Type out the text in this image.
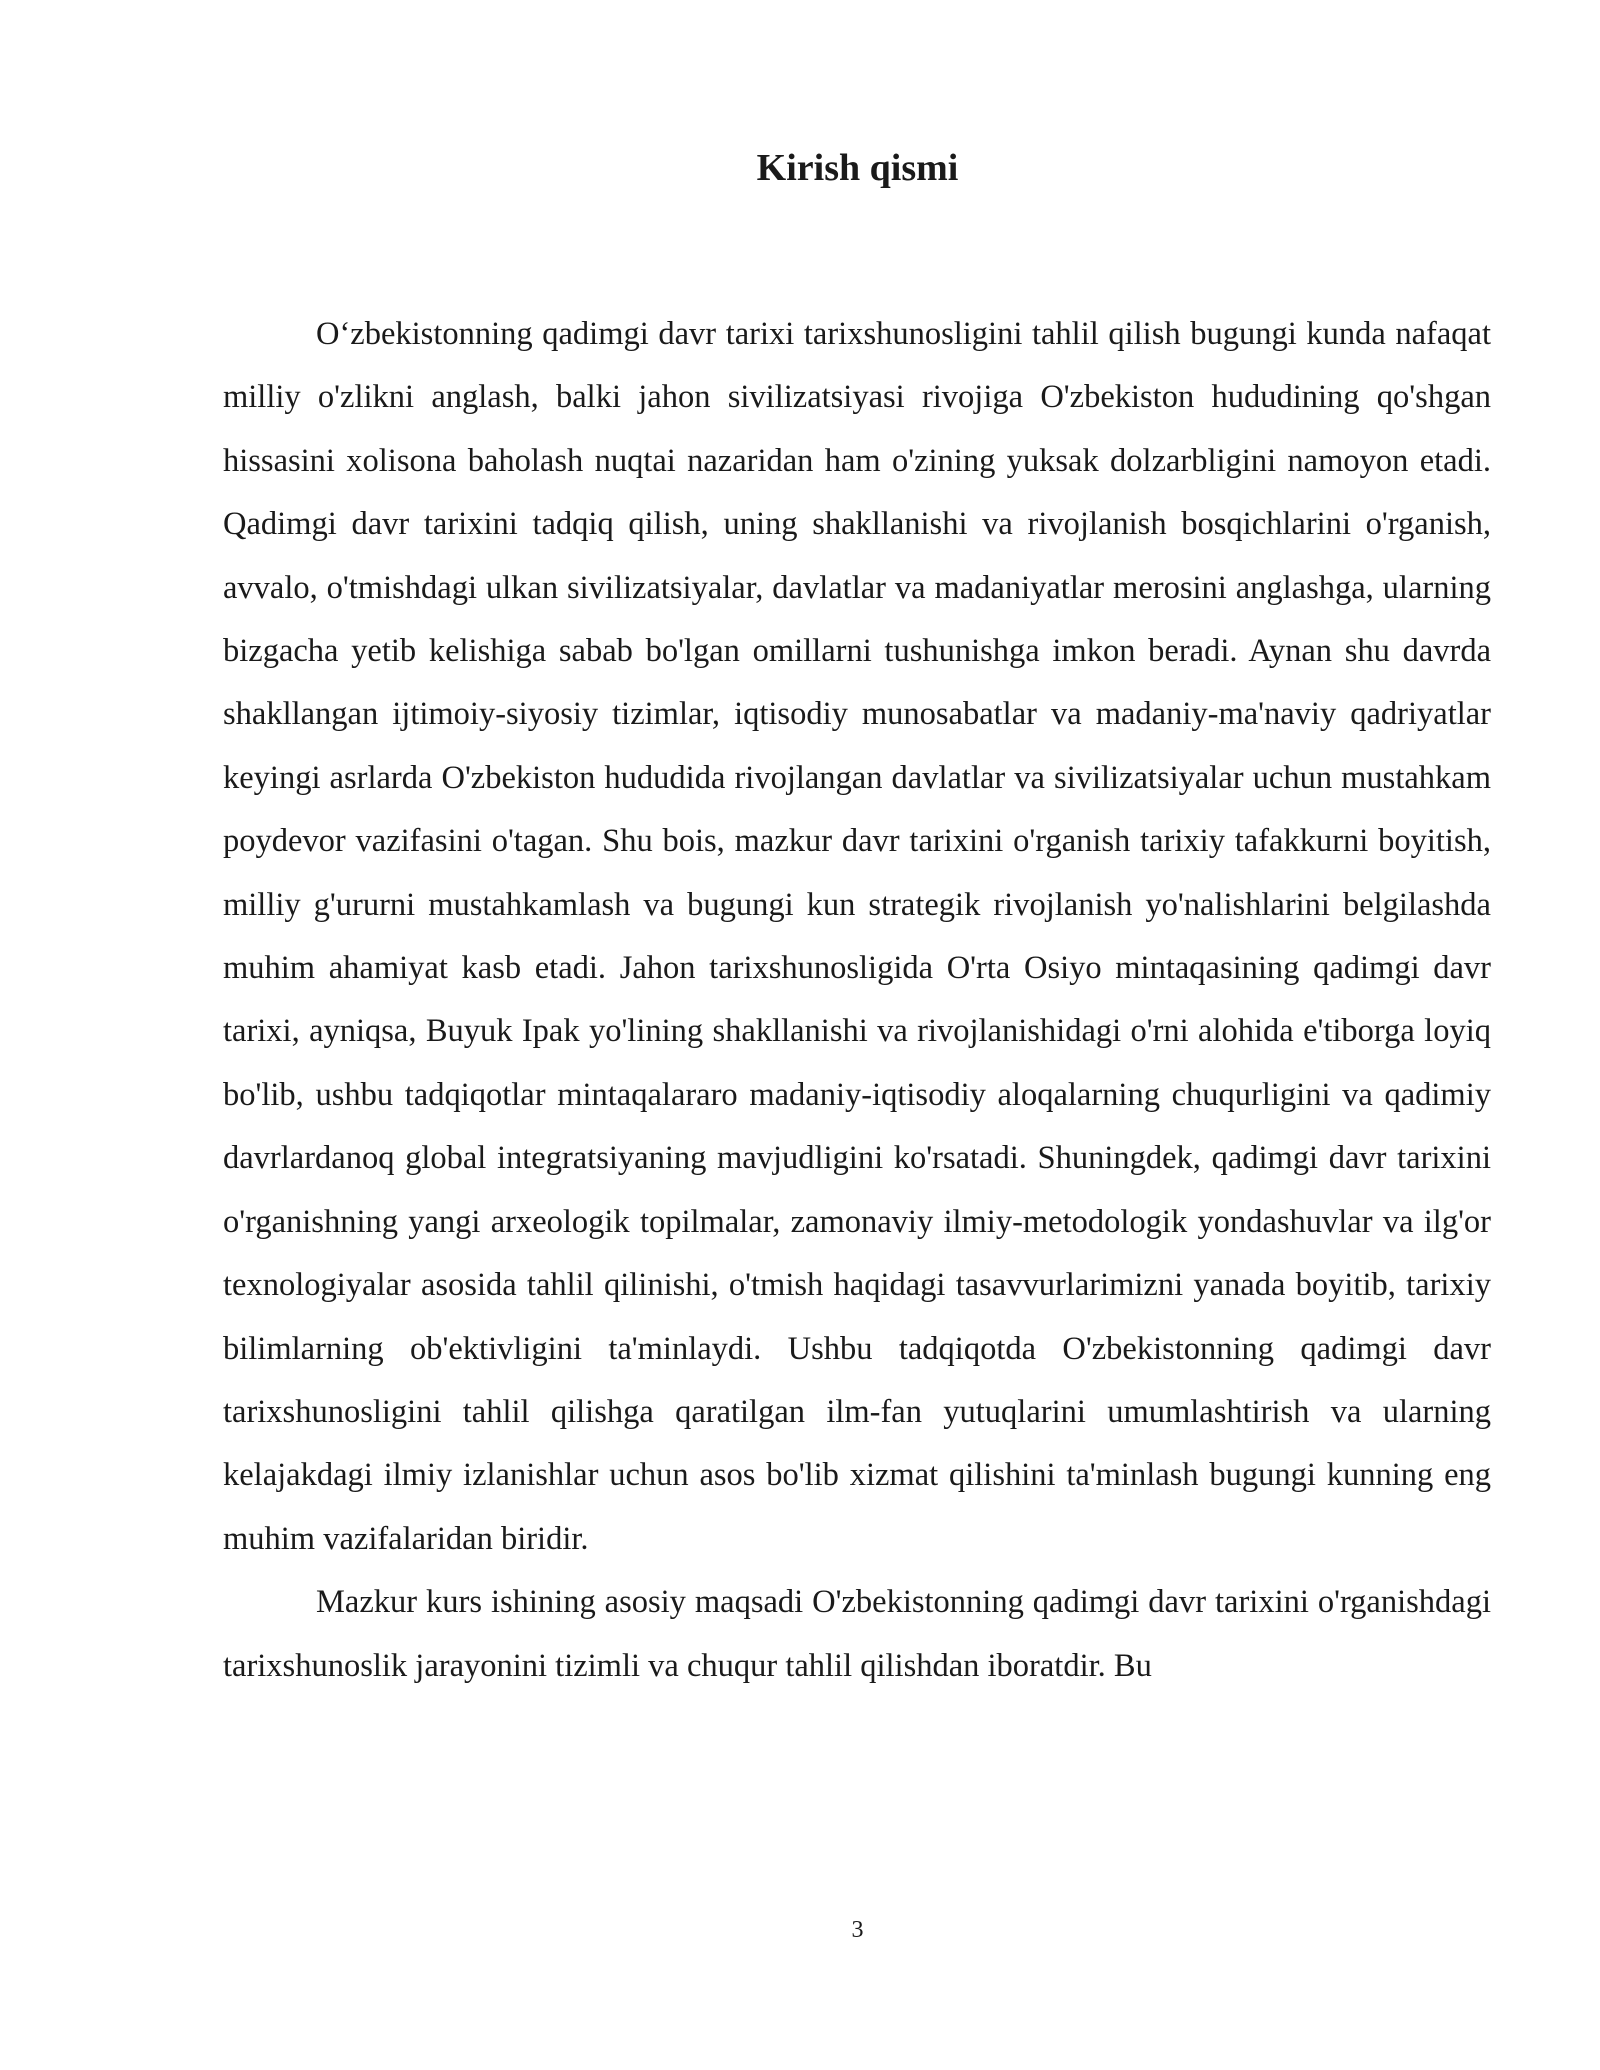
Kirish qismi

O‘zbekistonning qadimgi davr tarixi tarixshunosligini tahlil qilish bugungi kunda nafaqat milliy o'zlikni anglash, balki jahon sivilizatsiyasi rivojiga O'zbekiston hududining qo'shgan hissasini xolisona baholash nuqtai nazaridan ham o'zining yuksak dolzarbligini namoyon etadi. Qadimgi davr tarixini tadqiq qilish, uning shakllanishi va rivojlanish bosqichlarini o'rganish, avvalo, o'tmishdagi ulkan sivilizatsiyalar, davlatlar va madaniyatlar merosini anglashga, ularning bizgacha yetib kelishiga sabab bo'lgan omillarni tushunishga imkon beradi. Aynan shu davrda shakllangan ijtimoiy-siyosiy tizimlar, iqtisodiy munosabatlar va madaniy-ma'naviy qadriyatlar keyingi asrlarda O'zbekiston hududida rivojlangan davlatlar va sivilizatsiyalar uchun mustahkam poydevor vazifasini o'tagan. Shu bois, mazkur davr tarixini o'rganish tarixiy tafakkurni boyitish, milliy g'ururni mustahkamlash va bugungi kun strategik rivojlanish yo'nalishlarini belgilashda muhim ahamiyat kasb etadi. Jahon tarixshunosligida O'rta Osiyo mintaqasining qadimgi davr tarixi, ayniqsa, Buyuk Ipak yo'lining shakllanishi va rivojlanishidagi o'rni alohida e'tiborga loyiq bo'lib, ushbu tadqiqotlar mintaqalararo madaniy-iqtisodiy aloqalarning chuqurligini va qadimiy davrlardanoq global integratsiyaning mavjudligini ko'rsatadi. Shuningdek, qadimgi davr tarixini o'rganishning yangi arxeologik topilmalar, zamonaviy ilmiy-metodologik yondashuvlar va ilg'or texnologiyalar asosida tahlil qilinishi, o'tmish haqidagi tasavvurlarimizni yanada boyitib, tarixiy bilimlarning ob'ektivligini ta'minlaydi. Ushbu tadqiqotda O'zbekistonning qadimgi davr tarixshunosligini tahlil qilishga qaratilgan ilm-fan yutuqlarini umumlashtirish va ularning kelajakdagi ilmiy izlanishlar uchun asos bo'lib xizmat qilishini ta'minlash bugungi kunning eng muhim vazifalaridan biridir.

Mazkur kurs ishining asosiy maqsadi O'zbekistonning qadimgi davr tarixini o'rganishdagi tarixshunoslik jarayonini tizimli va chuqur tahlil qilishdan iboratdir. Bu

3
